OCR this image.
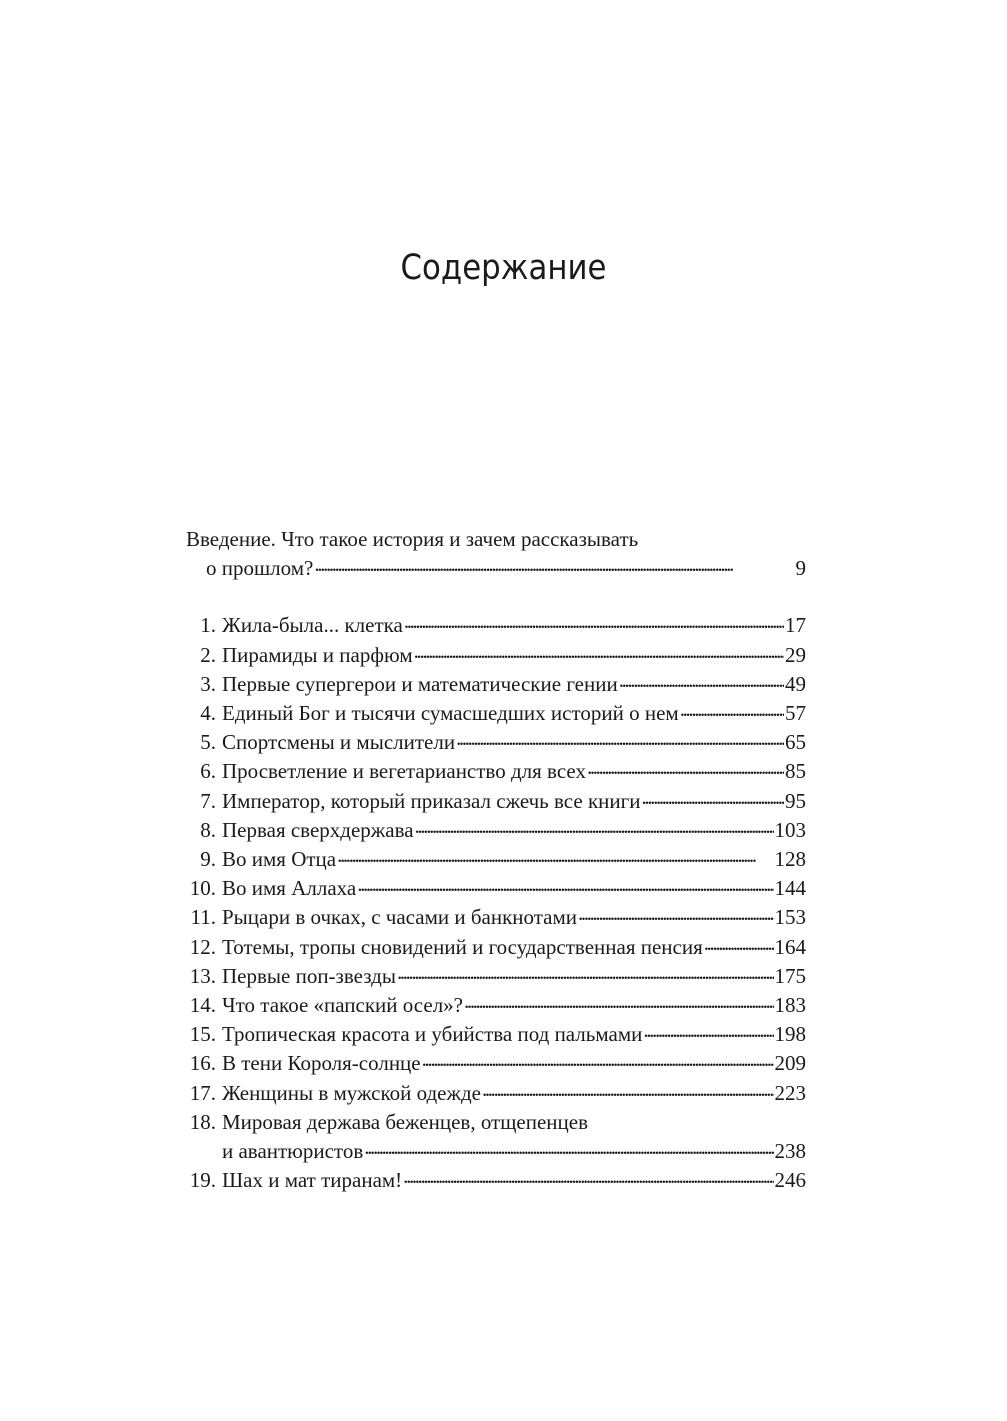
Содержание
Введение. Что такое история и зачем рассказывать
о прошлом? . . .	9
1. Жила-была... клетка . . .	17
2. Пирамиды и парфюм . . .	29
3. Первые супергерои и математические гении . . .	49
4. Единый Бог и тысячи сумасшедших историй о нем . . .	57
5. Спортсмены и мыслители . . .	65
6. Просветление и вегетарианство для всех . . .	85
7. Император, который приказал сжечь все книги . . .	95
8. Первая сверхдержава . . .	103
9. Во имя Отца . . .	128
10. Во имя Аллаха . . .	144
11. Рыцари в очках, с часами и банкнотами . . .	153
12. Тотемы, тропы сновидений и государственная пенсия . . .	164
13. Первые поп-звезды . . .	175
14. Что такое «папский осел»? . . .	183
15. Тропическая красота и убийства под пальмами . . .	198
16. В тени Короля-солнце . . .	209
17. Женщины в мужской одежде . . .	223
18. Мировая держава беженцев, отщепенцев
и авантюристов . . .	238
19. Шах и мат тиранам! . . .	246
